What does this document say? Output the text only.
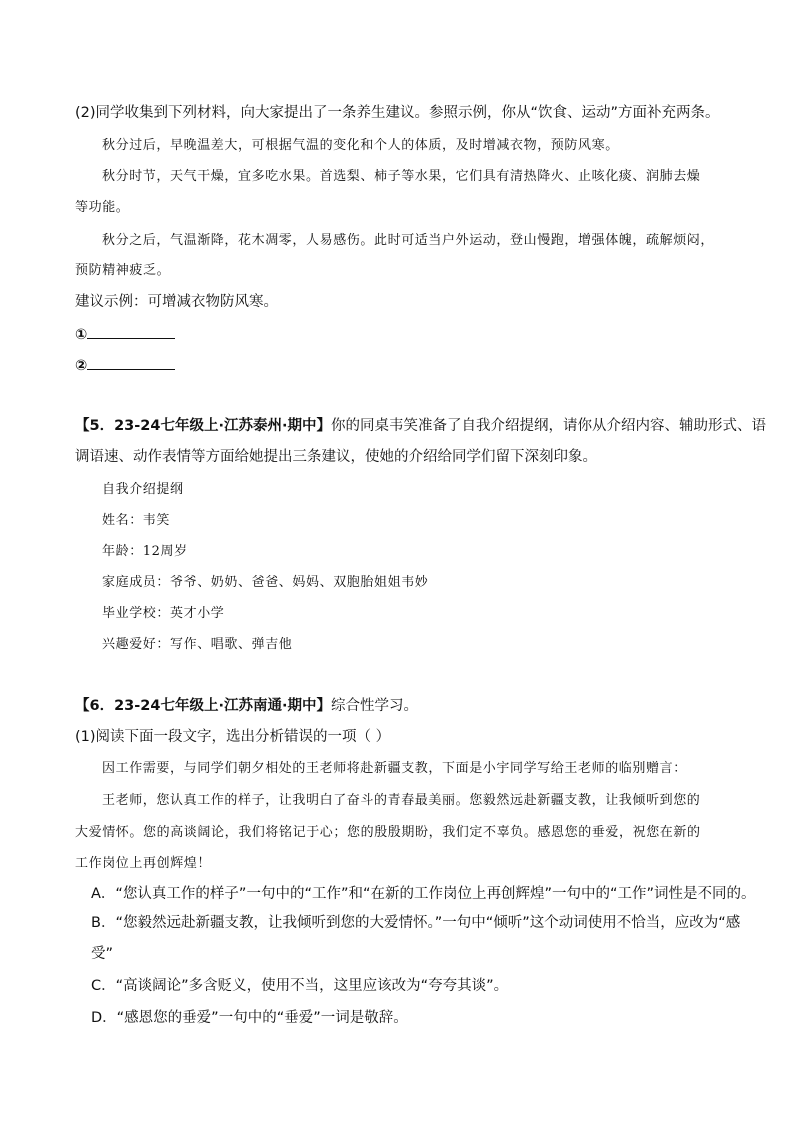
(2)同学收集到下列材料，向大家提出了一条养生建议。参照示例，你从“饮食、运动”方面补充两条。
秋分过后，早晚温差大，可根据气温的变化和个人的体质，及时增减衣物，预防风寒。
秋分时节，天气干燥，宜多吃水果。首选梨、柿子等水果，它们具有清热降火、止咳化痰、润肺去燥
等功能。
秋分之后，气温渐降，花木凋零，人易感伤。此时可适当户外运动，登山慢跑，增强体魄，疏解烦闷，
预防精神疲乏。
建议示例：可增减衣物防风寒。
①
②
【5．23-24七年级上·江苏泰州·期中】你的同桌韦笑准备了自我介绍提纲，请你从介绍内容、辅助形式、语
调语速、动作表情等方面给她提出三条建议，使她的介绍给同学们留下深刻印象。
自我介绍提纲
姓名：韦笑
年龄：12周岁
家庭成员：爷爷、奶奶、爸爸、妈妈、双胞胎姐姐韦妙
毕业学校：英才小学
兴趣爱好：写作、唱歌、弹吉他
【6．23-24七年级上·江苏南通·期中】综合性学习。
(1)阅读下面一段文字，选出分析错误的一项（ ）
因工作需要，与同学们朝夕相处的王老师将赴新疆支教，下面是小宇同学写给王老师的临别赠言：
王老师，您认真工作的样子，让我明白了奋斗的青春最美丽。您毅然远赴新疆支教，让我倾听到您的
大爱情怀。您的高谈阔论，我们将铭记于心；您的殷殷期盼，我们定不辜负。感恩您的垂爱，祝您在新的
工作岗位上再创辉煌！
A．“您认真工作的样子”一句中的“工作”和“在新的工作岗位上再创辉煌”一句中的“工作”词性是不同的。
B．“您毅然远赴新疆支教，让我倾听到您的大爱情怀。”一句中“倾听”这个动词使用不恰当，应改为“感
受”
C．“高谈阔论”多含贬义，使用不当，这里应该改为“夸夸其谈”。
D．“感恩您的垂爱”一句中的“垂爱”一词是敬辞。
